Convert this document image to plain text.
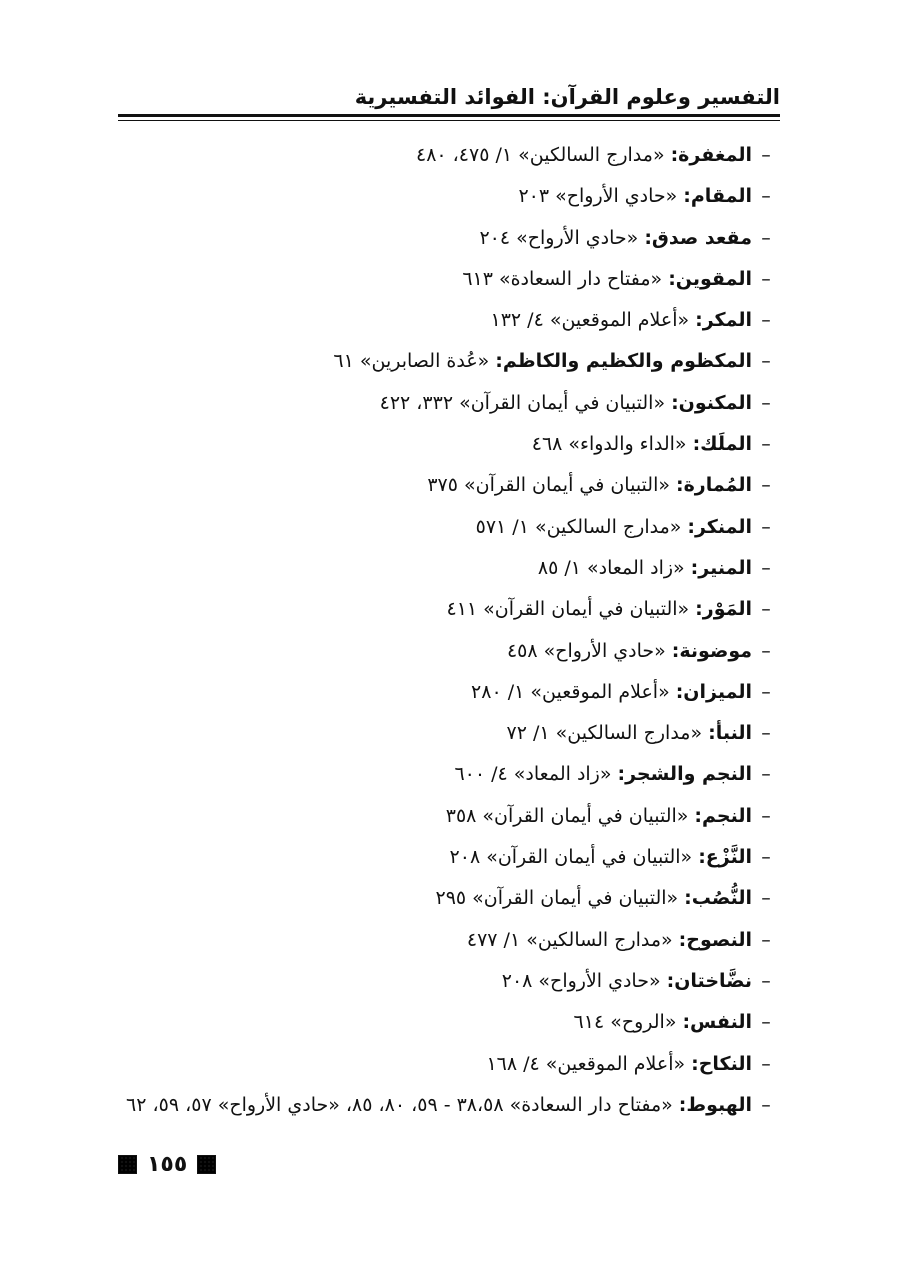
التفسير وعلوم القرآن: الفوائد التفسيرية
–المغفرة:«مدارج السالكين» ١/ ٤٧٥، ٤٨٠
–المقام:«حادي الأرواح» ٢٠٣
–مقعد صدق:«حادي الأرواح» ٢٠٤
–المقوين:«مفتاح دار السعادة» ٦١٣
–المكر:«أعلام الموقعين» ٤/ ١٣٢
–المكظوم والكظيم والكاظم:«عُدة الصابرين» ٦١
–المكنون:«التبيان في أيمان القرآن» ٣٣٢، ٤٢٢
–الملَك:«الداء والدواء» ٤٦٨
–المُمارة:«التبيان في أيمان القرآن» ٣٧٥
–المنكر:«مدارج السالكين» ١/ ٥٧١
–المنير:«زاد المعاد» ١/ ٨٥
–المَوْر:«التبيان في أيمان القرآن» ٤١١
–موضونة:«حادي الأرواح» ٤٥٨
–الميزان:«أعلام الموقعين» ١/ ٢٨٠
–النبأ:«مدارج السالكين» ١/ ٧٢
–النجم والشجر:«زاد المعاد» ٤/ ٦٠٠
–النجم:«التبيان في أيمان القرآن» ٣٥٨
–النَّزْع:«التبيان في أيمان القرآن» ٢٠٨
–النُّصُب:«التبيان في أيمان القرآن» ٢٩٥
–النصوح:«مدارج السالكين» ١/ ٤٧٧
–نضَّاختان:«حادي الأرواح» ٢٠٨
–النفس:«الروح» ٦١٤
–النكاح:«أعلام الموقعين» ٤/ ١٦٨
–الهبوط:«مفتاح دار السعادة» ٣٨،٥٨ - ٥٩، ٨٠، ٨٥، «حادي الأرواح» ٥٧، ٥٩، ٦٢
١٥٥
